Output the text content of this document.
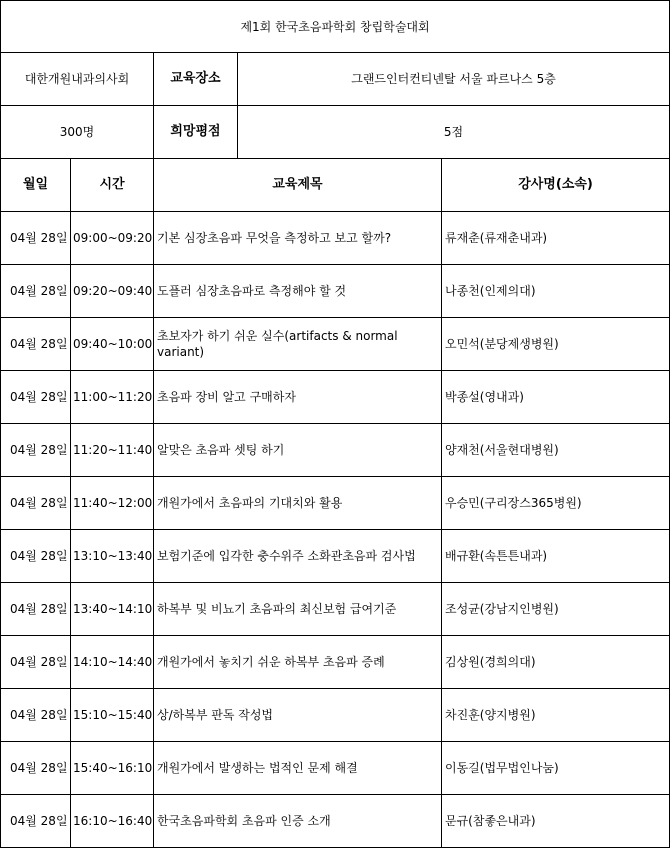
제1회 한국초음파학회 창립학술대회				
대한개원내과의사회		교육장소	그랜드인터컨티넨탈 서울 파르나스 5층	
300명		희망평점	5점	
월일	시간	교육제목		강사명(소속)
04월 28일	09:00~09:20	기본 심장초음파 무엇을 측정하고 보고 할까?		류재춘(류재춘내과)
04월 28일	09:20~09:40	도플러 심장초음파로 측정해야 할 것		나종천(인제의대)
04월 28일	09:40~10:00	초보자가 하기 쉬운 실수(artifacts & normal variant)		오민석(분당제생병원)
04월 28일	11:00~11:20	초음파 장비 알고 구매하자		박종설(영내과)
04월 28일	11:20~11:40	알맞은 초음파 셋팅 하기		양재천(서울현대병원)
04월 28일	11:40~12:00	개원가에서 초음파의 기대치와 활용		우승민(구리장스365병원)
04월 28일	13:10~13:40	보험기준에 입각한 충수위주 소화관초음파 검사법		배규환(속튼튼내과)
04월 28일	13:40~14:10	하복부 및 비뇨기 초음파의 최신보험 급여기준		조성균(강남지인병원)
04월 28일	14:10~14:40	개원가에서 놓치기 쉬운 하복부 초음파 증례		김상원(경희의대)
04월 28일	15:10~15:40	상/하복부 판독 작성법		차진훈(양지병원)
04월 28일	15:40~16:10	개원가에서 발생하는 법적인 문제 해결		이동길(법무법인나눔)
04월 28일	16:10~16:40	한국초음파학회 초음파 인증 소개		문규(참좋은내과)
